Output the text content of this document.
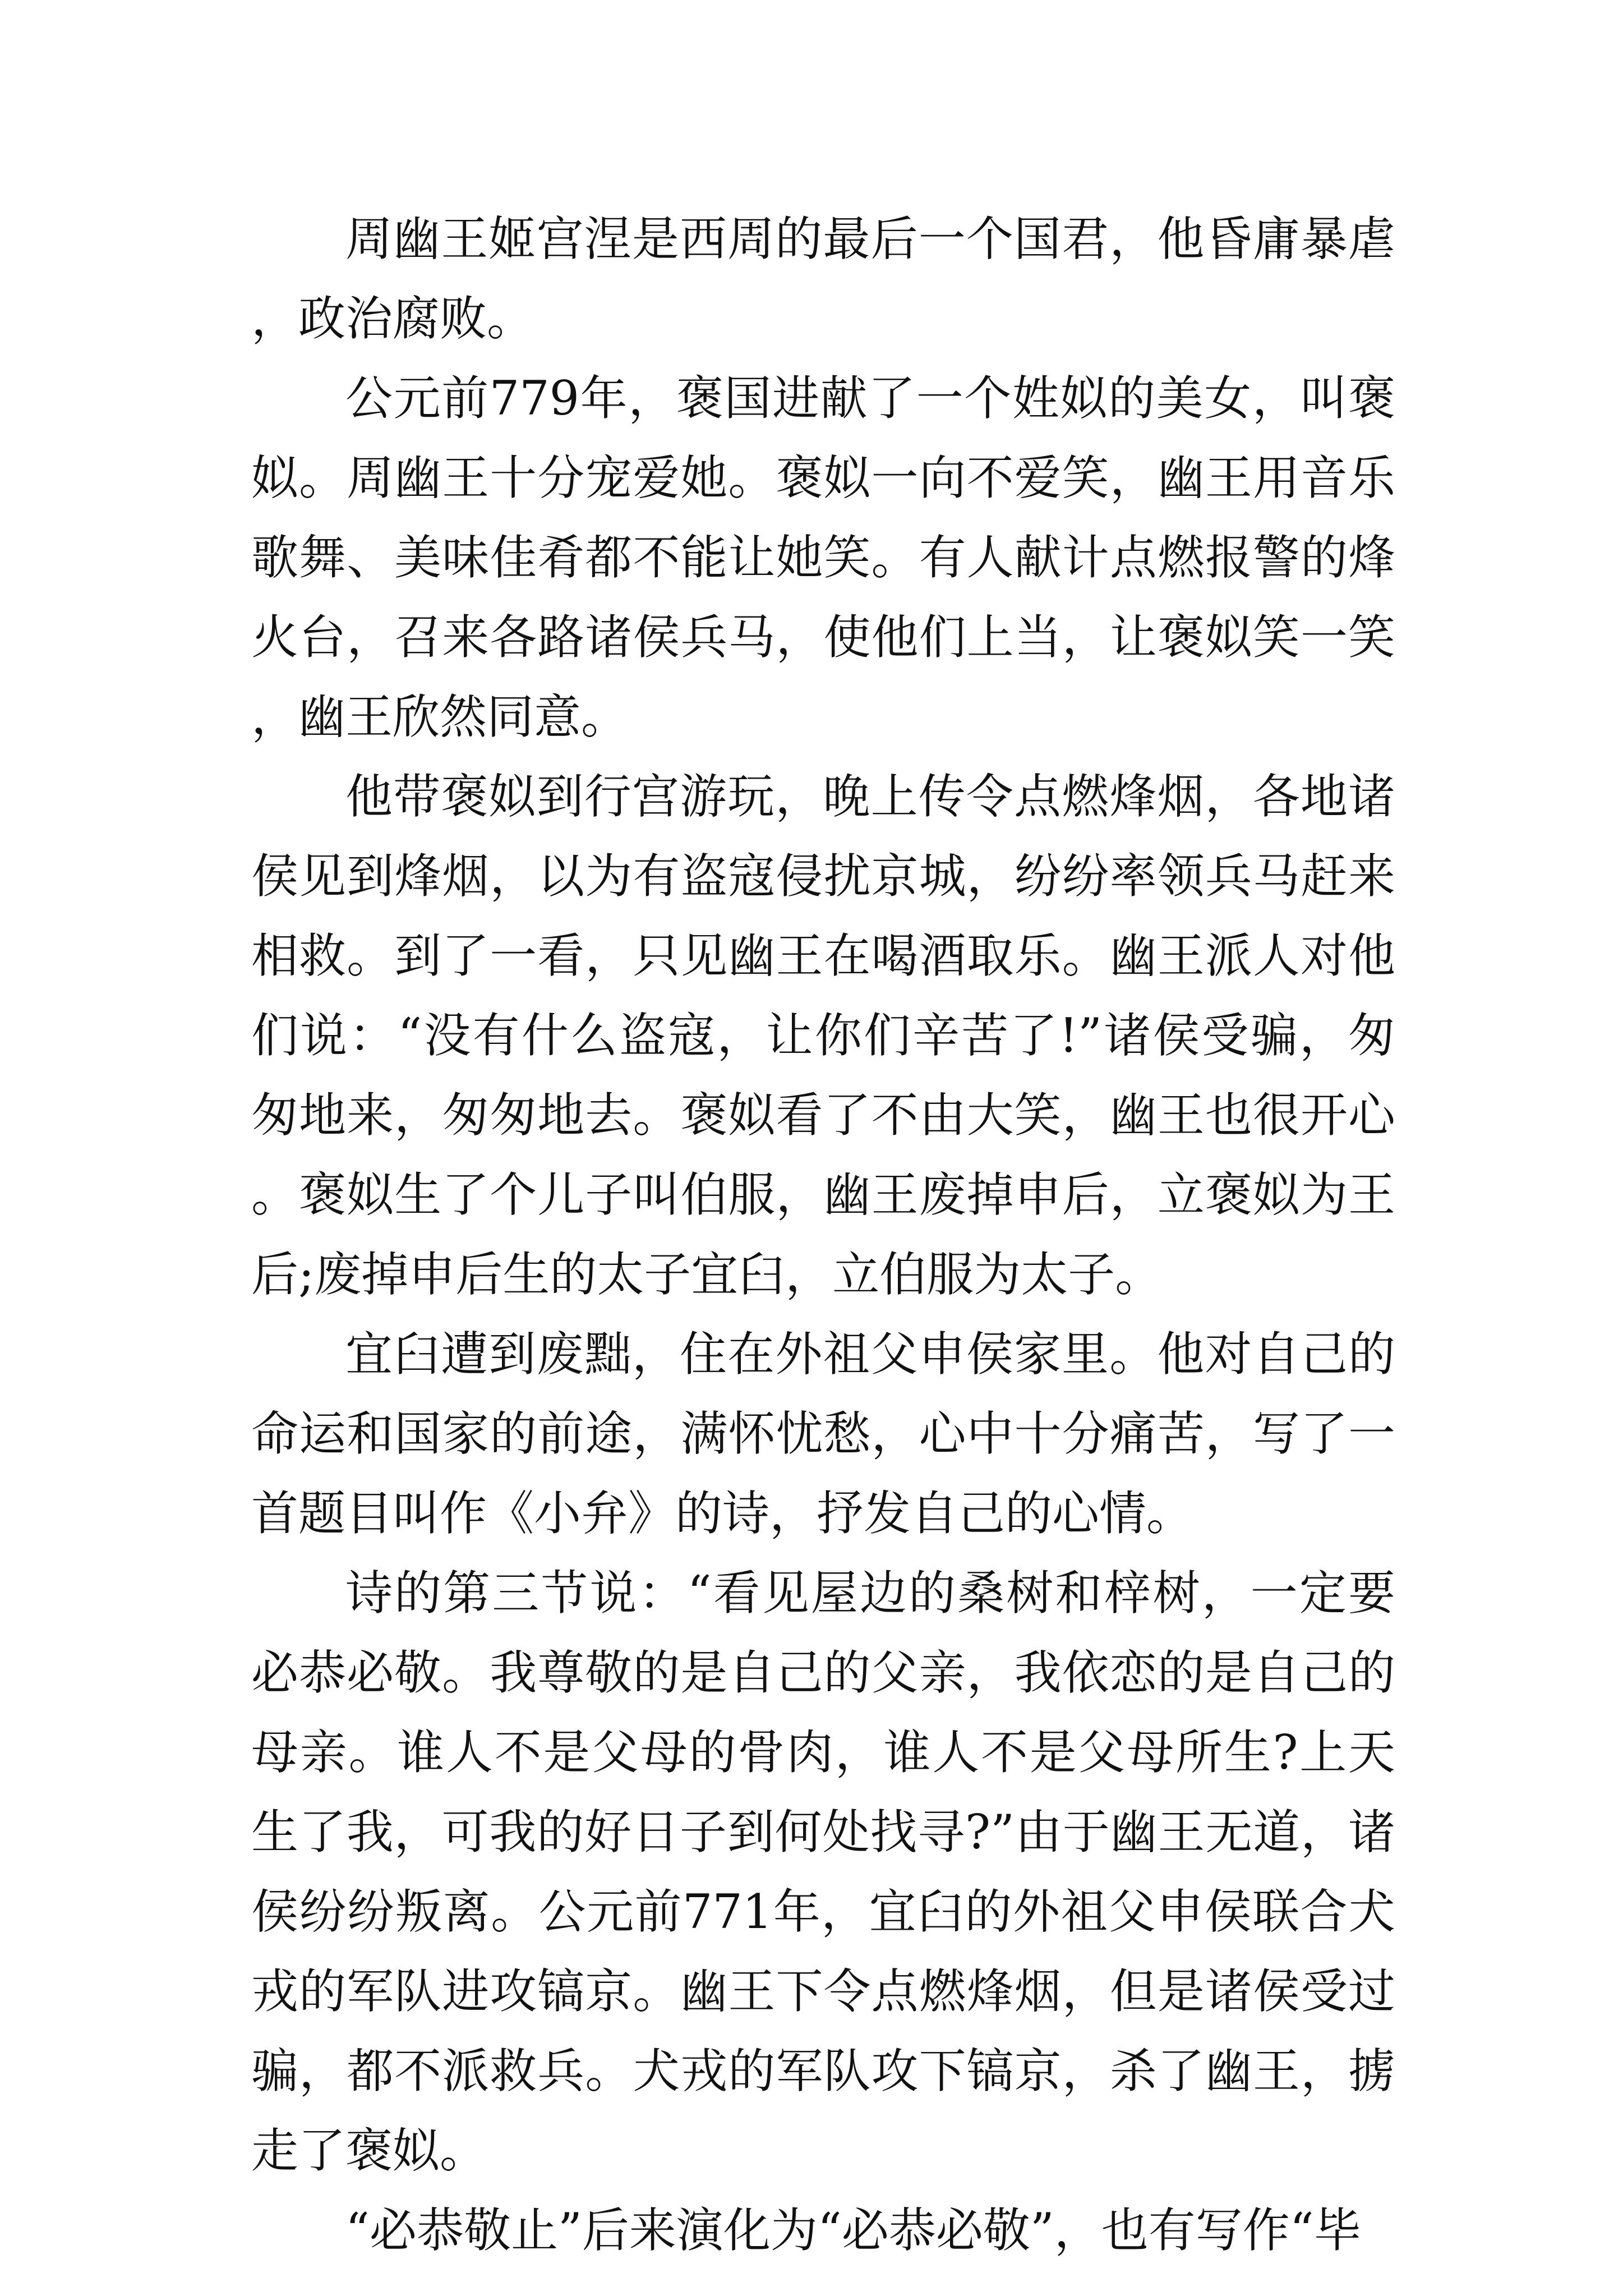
周幽王姬宫涅是西周的最后一个国君，他昏庸暴虐，政治腐败。

公元前779年，褒国进献了一个姓姒的美女，叫褒姒。周幽王十分宠爱她。褒姒一向不爱笑，幽王用音乐歌舞、美味佳肴都不能让她笑。有人献计点燃报警的烽火台，召来各路诸侯兵马，使他们上当，让褒姒笑一笑，幽王欣然同意。

他带褒姒到行宫游玩，晚上传令点燃烽烟，各地诸侯见到烽烟，以为有盗寇侵扰京城，纷纷率领兵马赶来相救。到了一看，只见幽王在喝酒取乐。幽王派人对他们说：“没有什么盗寇，让你们辛苦了!”诸侯受骗，匆匆地来，匆匆地去。褒姒看了不由大笑，幽王也很开心。褒姒生了个儿子叫伯服，幽王废掉申后，立褒姒为王后;废掉申后生的太子宜臼，立伯服为太子。

宜臼遭到废黜，住在外祖父申侯家里。他对自己的命运和国家的前途，满怀忧愁，心中十分痛苦，写了一首题目叫作《小弁》的诗，抒发自己的心情。

诗的第三节说：“看见屋边的桑树和梓树，一定要必恭必敬。我尊敬的是自己的父亲，我依恋的是自己的母亲。谁人不是父母的骨肉，谁人不是父母所生?上天生了我，可我的好日子到何处找寻?”由于幽王无道，诸侯纷纷叛离。公元前771年，宜臼的外祖父申侯联合犬戎的军队进攻镐京。幽王下令点燃烽烟，但是诸侯受过骗，都不派救兵。犬戎的军队攻下镐京，杀了幽王，掳走了褒姒。

“必恭敬止”后来演化为“必恭必敬”，也有写作“毕
